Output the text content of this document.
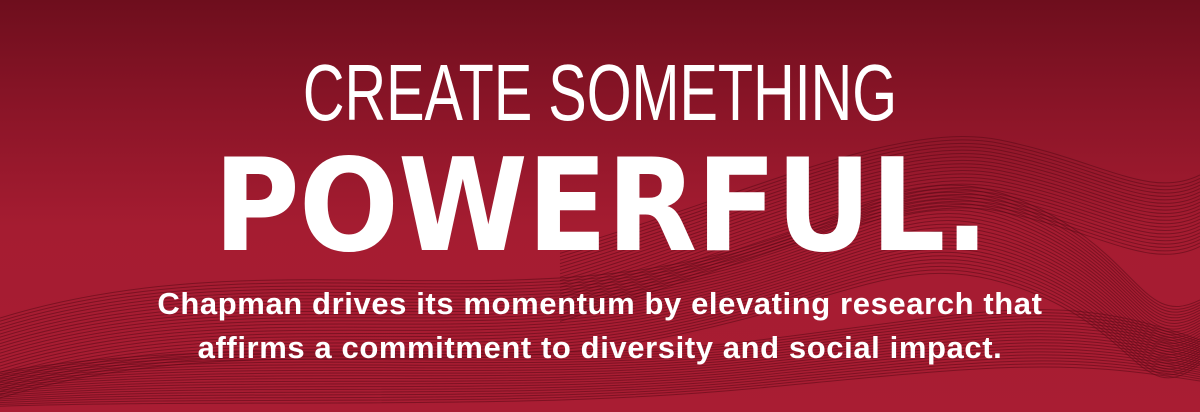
CREATE SOMETHING
POWERFUL.
Chapman drives its momentum by elevating research that
affirms a commitment to diversity and social impact.
